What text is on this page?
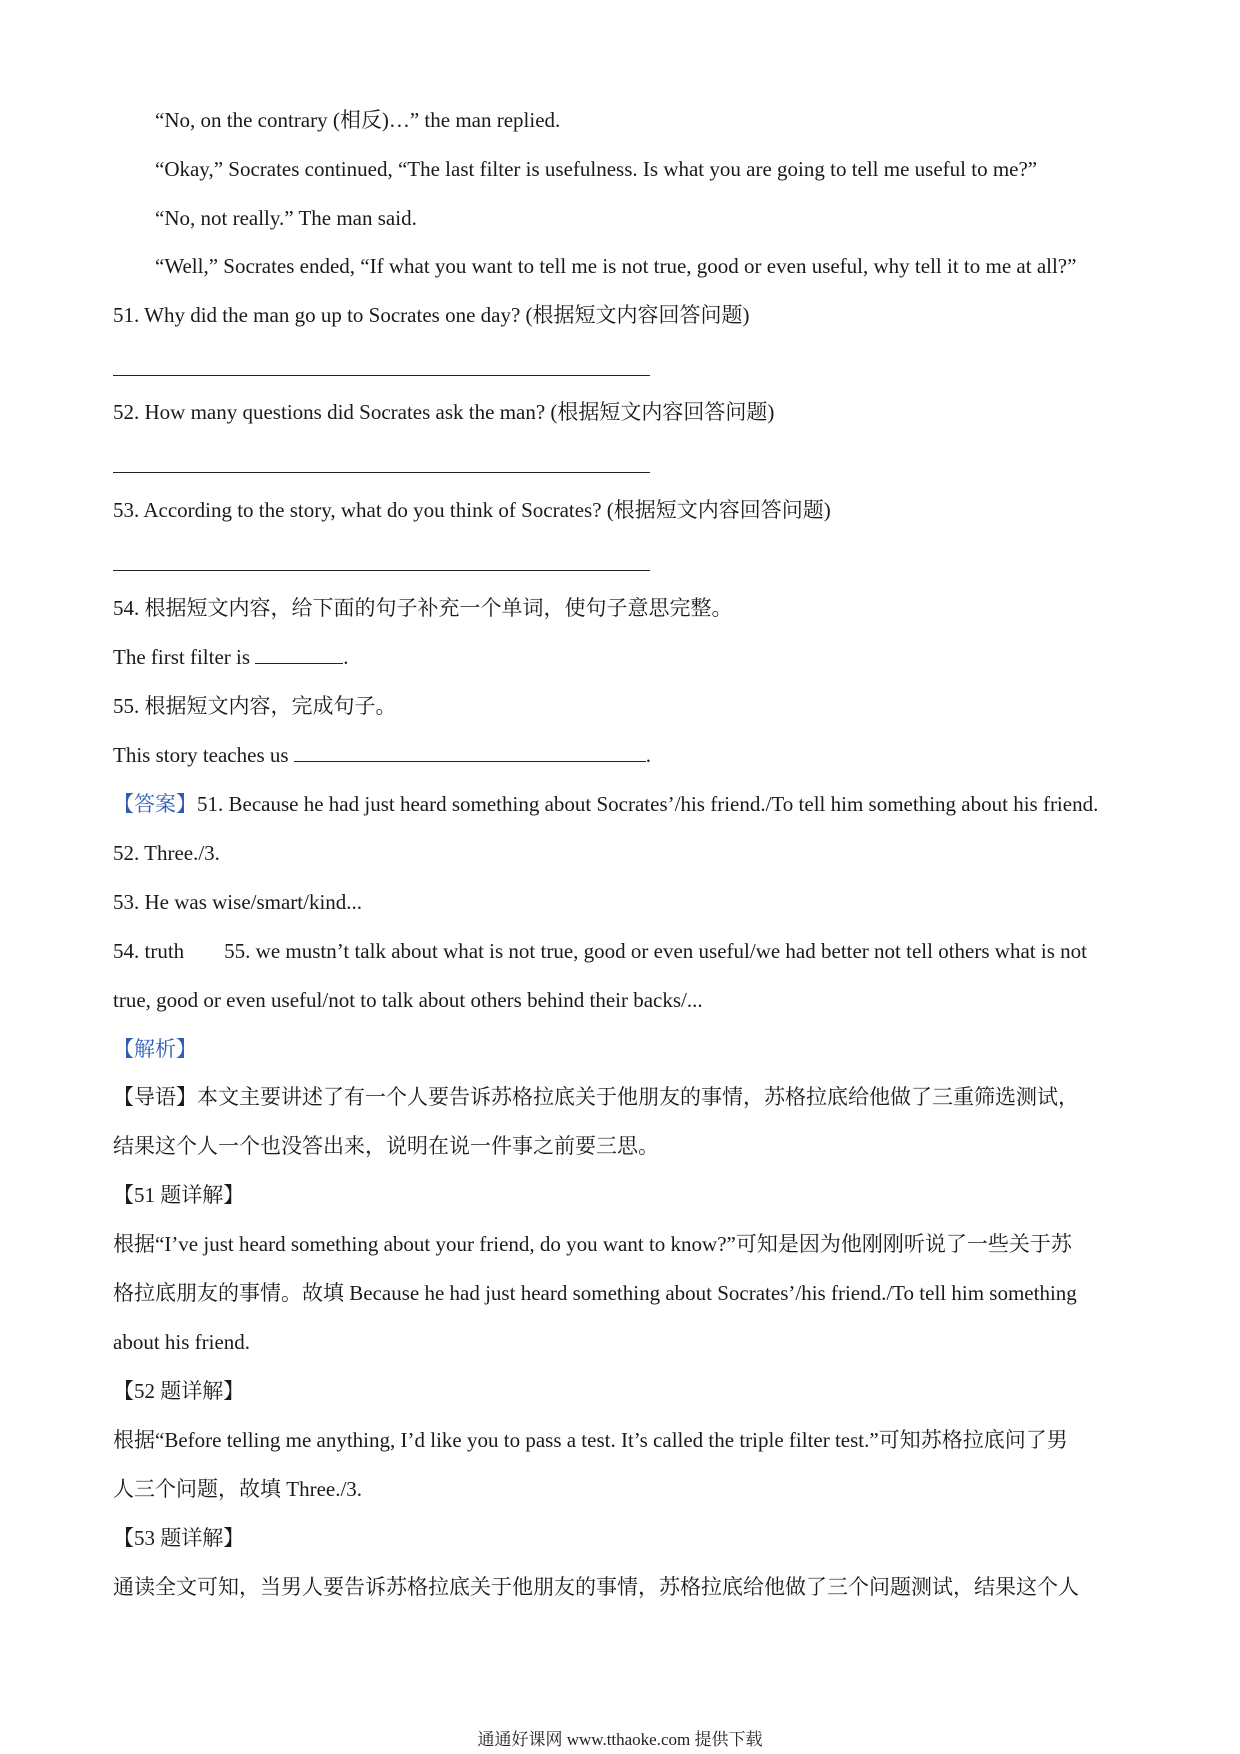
“No, on the contrary (相反)…” the man replied.
“Okay,” Socrates continued, “The last filter is usefulness. Is what you are going to tell me useful to me?”
“No, not really.” The man said.
“Well,” Socrates ended, “If what you want to tell me is not true, good or even useful, why tell it to me at all?”
51. Why did the man go up to Socrates one day? (根据短文内容回答问题)
52. How many questions did Socrates ask the man? (根据短文内容回答问题)
53. According to the story, what do you think of Socrates? (根据短文内容回答问题)
54. 根据短文内容，给下面的句子补充一个单词，使句子意思完整。
The first filter is	.
55. 根据短文内容，完成句子。
This story teaches us	.
【答案】51. Because he had just heard something about Socrates’/his friend./To tell him something about his friend.
52. Three./3.
53. He was wise/smart/kind...
54. truth 55. we mustn’t talk about what is not true, good or even useful/we had better not tell others what is not
true, good or even useful/not to talk about others behind their backs/...
【解析】
【导语】本文主要讲述了有一个人要告诉苏格拉底关于他朋友的事情，苏格拉底给他做了三重筛选测试，
结果这个人一个也没答出来，说明在说一件事之前要三思。
【51 题详解】
根据“I’ve just heard something about your friend, do you want to know?”可知是因为他刚刚听说了一些关于苏
格拉底朋友的事情。故填 Because he had just heard something about Socrates’/his friend./To tell him something
about his friend.
【52 题详解】
根据“Before telling me anything, I’d like you to pass a test. It’s called the triple filter test.”可知苏格拉底问了男
人三个问题，故填 Three./3.
【53 题详解】
通读全文可知，当男人要告诉苏格拉底关于他朋友的事情，苏格拉底给他做了三个问题测试，结果这个人
通通好课网 www.tthaoke.com 提供下载
